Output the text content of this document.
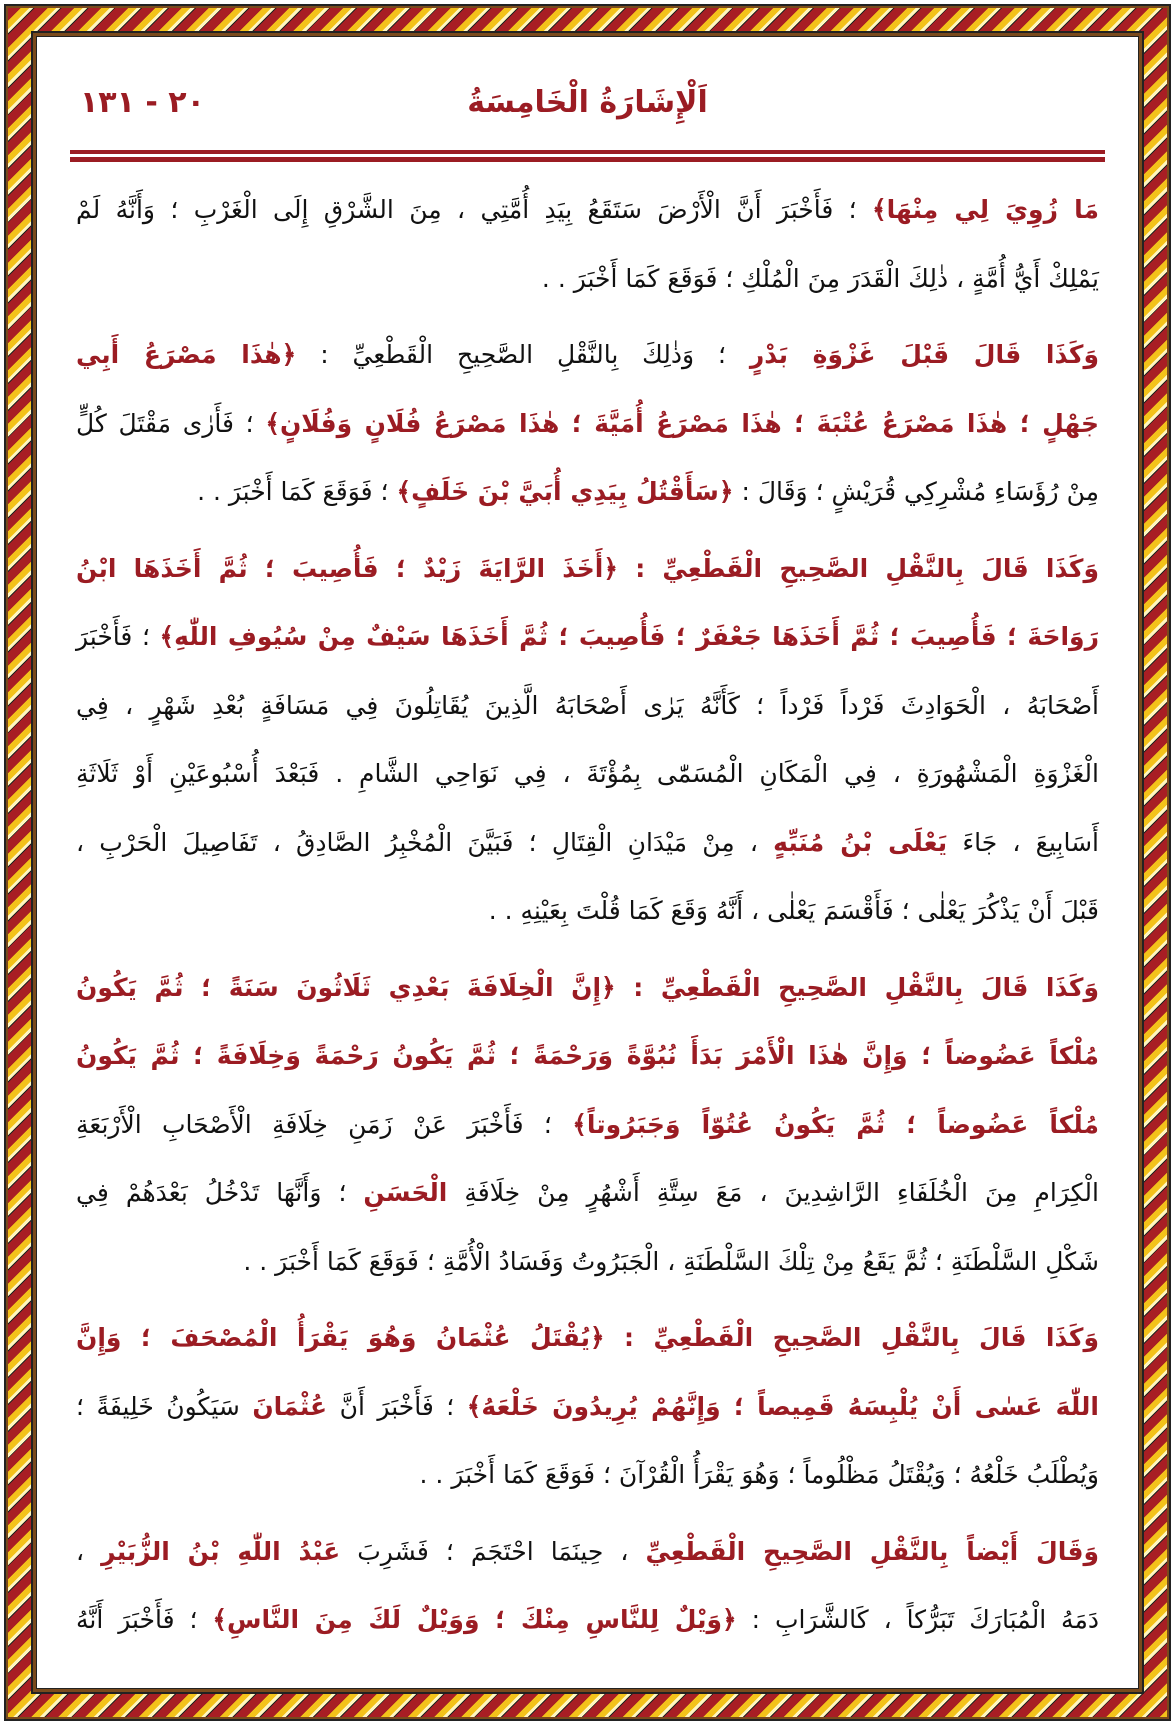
اَلْإِشَارَةُ الْخَامِسَةُ
٢٠ - ١٣١
مَا زُوِيَ لِي مِنْهَا﴾ ؛ فَأَخْبَرَ أَنَّ الْأَرْضَ سَتَقَعُ بِيَدِ أُمَّتِي ، مِنَ الشَّرْقِ إِلَى الْغَرْبِ ؛ وَأَنَّهُ لَمْ
يَمْلِكْ أَيُّ أُمَّةٍ ، ذٰلِكَ الْقَدَرَ مِنَ الْمُلْكِ ؛ فَوَقَعَ كَمَا أَخْبَرَ . .
وَكَذَا قَالَ قَبْلَ غَزْوَةِ بَدْرٍ ؛ وَذٰلِكَ بِالنَّقْلِ الصَّحِيحِ الْقَطْعِيِّ : ﴿هٰذَا مَصْرَعُ أَبِي
جَهْلٍ ؛ هٰذَا مَصْرَعُ عُتْبَةَ ؛ هٰذَا مَصْرَعُ أُمَيَّةَ ؛ هٰذَا مَصْرَعُ فُلَانٍ وَفُلَانٍ﴾ ؛ فَأَرٰى مَقْتَلَ كُلٍّ
مِنْ رُؤَسَاءِ مُشْرِكِي قُرَيْشٍ ؛ وَقَالَ : ﴿سَأَقْتُلُ بِيَدِي أُبَيَّ بْنَ خَلَفٍ﴾ ؛ فَوَقَعَ كَمَا أَخْبَرَ . .
وَكَذَا قَالَ بِالنَّقْلِ الصَّحِيحِ الْقَطْعِيِّ : ﴿أَخَذَ الرَّايَةَ زَيْدٌ ؛ فَأُصِيبَ ؛ ثُمَّ أَخَذَهَا ابْنُ
رَوَاحَةَ ؛ فَأُصِيبَ ؛ ثُمَّ أَخَذَهَا جَعْفَرٌ ؛ فَأُصِيبَ ؛ ثُمَّ أَخَذَهَا سَيْفٌ مِنْ سُيُوفِ اللّٰهِ﴾ ؛ فَأَخْبَرَ
أَصْحَابَهُ ، الْحَوَادِثَ فَرْداً فَرْداً ؛ كَأَنَّهُ يَرٰى أَصْحَابَهُ الَّذِينَ يُقَاتِلُونَ فِي مَسَافَةٍ بُعْدِ شَهْرٍ ، فِي
الْغَزْوَةِ الْمَشْهُورَةِ ، فِي الْمَكَانِ الْمُسَمّٰى بِمُؤْتَةَ ، فِي نَوَاحِي الشَّامِ . فَبَعْدَ أُسْبُوعَيْنِ أَوْ ثَلَاثَةِ
أَسَابِيعَ ، جَاءَ يَعْلَى بْنُ مُنَبِّهٍ ، مِنْ مَيْدَانِ الْقِتَالِ ؛ فَبَيَّنَ الْمُخْبِرُ الصَّادِقُ ، تَفَاصِيلَ الْحَرْبِ ،
قَبْلَ أَنْ يَذْكُرَ يَعْلٰى ؛ فَأَقْسَمَ يَعْلٰى ، أَنَّهُ وَقَعَ كَمَا قُلْتَ بِعَيْنِهِ . .
وَكَذَا قَالَ بِالنَّقْلِ الصَّحِيحِ الْقَطْعِيِّ : ﴿إِنَّ الْخِلَافَةَ بَعْدِي ثَلَاثُونَ سَنَةً ؛ ثُمَّ يَكُونُ
مُلْكاً عَضُوضاً ؛ وَإِنَّ هٰذَا الْأَمْرَ بَدَأَ نُبُوَّةً وَرَحْمَةً ؛ ثُمَّ يَكُونُ رَحْمَةً وَخِلَافَةً ؛ ثُمَّ يَكُونُ
مُلْكاً عَضُوضاً ؛ ثُمَّ يَكُونُ عُتُوّاً وَجَبَرُوتاً﴾ ؛ فَأَخْبَرَ عَنْ زَمَنِ خِلَافَةِ الْأَصْحَابِ الْأَرْبَعَةِ
الْكِرَامِ مِنَ الْخُلَفَاءِ الرَّاشِدِينَ ، مَعَ سِتَّةِ أَشْهُرٍ مِنْ خِلَافَةِ الْحَسَنِ ؛ وَأَنَّهَا تَدْخُلُ بَعْدَهُمْ فِي
شَكْلِ السَّلْطَنَةِ ؛ ثُمَّ يَقَعُ مِنْ تِلْكَ السَّلْطَنَةِ ، الْجَبَرُوتُ وَفَسَادُ الْأُمَّةِ ؛ فَوَقَعَ كَمَا أَخْبَرَ . .
وَكَذَا قَالَ بِالنَّقْلِ الصَّحِيحِ الْقَطْعِيِّ : ﴿يُقْتَلُ عُثْمَانُ وَهُوَ يَقْرَأُ الْمُصْحَفَ ؛ وَإِنَّ
اللّٰهَ عَسٰى أَنْ يُلْبِسَهُ قَمِيصاً ؛ وَإِنَّهُمْ يُرِيدُونَ خَلْعَهُ﴾ ؛ فَأَخْبَرَ أَنَّ عُثْمَانَ سَيَكُونُ خَلِيفَةً ؛
وَيُطْلَبُ خَلْعُهُ ؛ وَيُقْتَلُ مَظْلُوماً ؛ وَهُوَ يَقْرَأُ الْقُرْآنَ ؛ فَوَقَعَ كَمَا أَخْبَرَ . .
وَقَالَ أَيْضاً بِالنَّقْلِ الصَّحِيحِ الْقَطْعِيِّ ، حِينَمَا احْتَجَمَ ؛ فَشَرِبَ عَبْدُ اللّٰهِ بْنُ الزُّبَيْرِ ،
دَمَهُ الْمُبَارَكَ تَبَرُّكاً ، كَالشَّرَابِ : ﴿وَيْلٌ لِلنَّاسِ مِنْكَ ؛ وَوَيْلٌ لَكَ مِنَ النَّاسِ﴾ ؛ فَأَخْبَرَ أَنَّهُ
